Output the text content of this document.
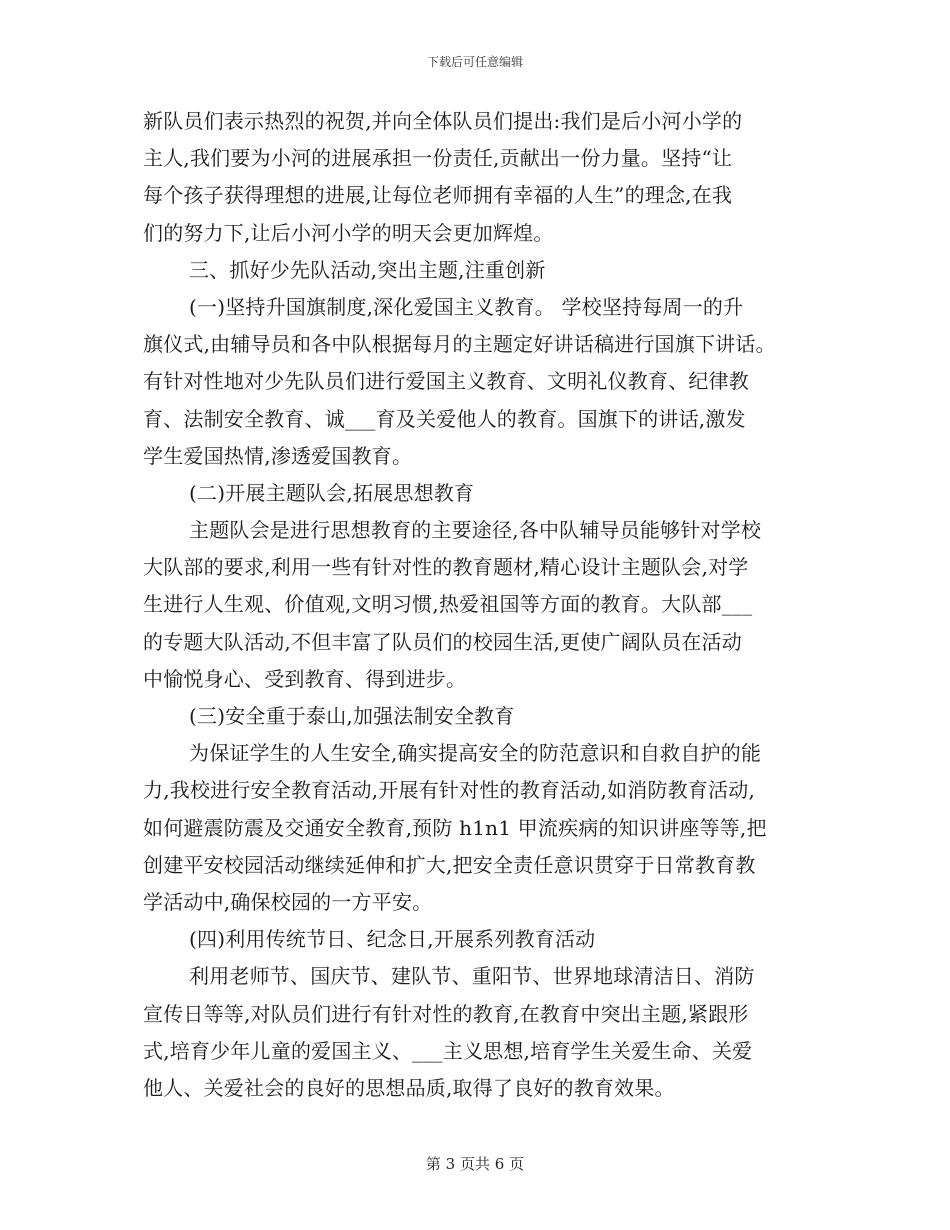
下载后可任意编辑
新队员们表示热烈的祝贺,并向全体队员们提出:我们是后小河小学的
主人,我们要为小河的进展承担一份责任,贡献出一份力量。坚持“让
每个孩子获得理想的进展,让每位老师拥有幸福的人生”的理念,在我
们的努力下,让后小河小学的明天会更加辉煌。
三、抓好少先队活动,突出主题,注重创新
(一)坚持升国旗制度,深化爱国主义教育。 学校坚持每周一的升
旗仪式,由辅导员和各中队根据每月的主题定好讲话稿进行国旗下讲话。
有针对性地对少先队员们进行爱国主义教育、文明礼仪教育、纪律教
育、法制安全教育、诚___育及关爱他人的教育。国旗下的讲话,激发
学生爱国热情,渗透爱国教育。
(二)开展主题队会,拓展思想教育
主题队会是进行思想教育的主要途径,各中队辅导员能够针对学校
大队部的要求,利用一些有针对性的教育题材,精心设计主题队会,对学
生进行人生观、价值观,文明习惯,热爱祖国等方面的教育。大队部___
的专题大队活动,不但丰富了队员们的校园生活,更使广阔队员在活动
中愉悦身心、受到教育、得到进步。
(三)安全重于泰山,加强法制安全教育
为保证学生的人生安全,确实提高安全的防范意识和自救自护的能
力,我校进行安全教育活动,开展有针对性的教育活动,如消防教育活动,
如何避震防震及交通安全教育,预防 h1n1 甲流疾病的知识讲座等等,把
创建平安校园活动继续延伸和扩大,把安全责任意识贯穿于日常教育教
学活动中,确保校园的一方平安。
(四)利用传统节日、纪念日,开展系列教育活动
利用老师节、国庆节、建队节、重阳节、世界地球清洁日、消防
宣传日等等,对队员们进行有针对性的教育,在教育中突出主题,紧跟形
式,培育少年儿童的爱国主义、___主义思想,培育学生关爱生命、关爱
他人、关爱社会的良好的思想品质,取得了良好的教育效果。
第 3 页共 6 页
